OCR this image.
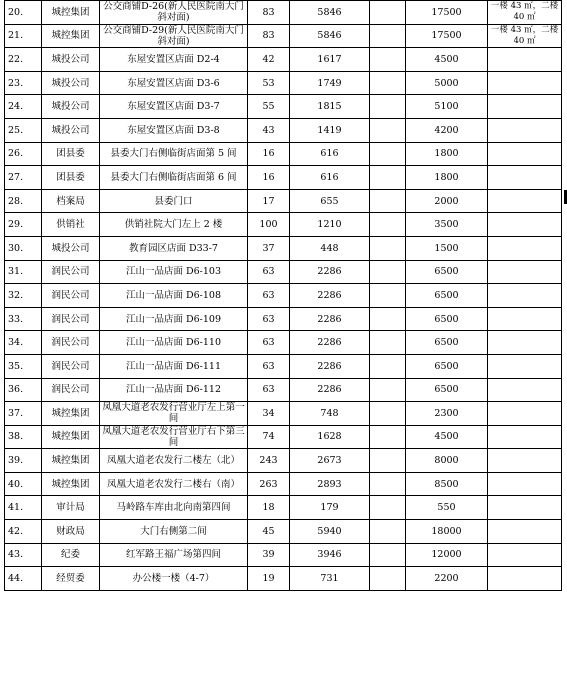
20.	城控集团	公交商铺D-26(新人民医院南大门斜对面)	83	5846		17500	一楼 43 ㎡，二楼 40 ㎡
21.	城控集团	公交商铺D-29(新人民医院南大门斜对面)	83	5846		17500	一楼 43 ㎡，二楼 40 ㎡
22.	城投公司	东屋安置区店面 D2-4	42	1617		4500	
23.	城投公司	东屋安置区店面 D3-6	53	1749		5000	
24.	城投公司	东屋安置区店面 D3-7	55	1815		5100	
25.	城投公司	东屋安置区店面 D3-8	43	1419		4200	
26.	团县委	县委大门右侧临街店面第 5 间	16	616		1800	
27.	团县委	县委大门右侧临街店面第 6 间	16	616		1800	
28.	档案局	县委门口	17	655		2000	
29.	供销社	供销社院大门左上 2 楼	100	1210		3500	
30.	城投公司	教育园区店面 D33-7	37	448		1500	
31.	润民公司	江山一品店面 D6-103	63	2286		6500	
32.	润民公司	江山一品店面 D6-108	63	2286		6500	
33.	润民公司	江山一品店面 D6-109	63	2286		6500	
34.	润民公司	江山一品店面 D6-110	63	2286		6500	
35.	润民公司	江山一品店面 D6-111	63	2286		6500	
36.	润民公司	江山一品店面 D6-112	63	2286		6500	
37.	城控集团	凤凰大道老农发行营业厅左上第一间	34	748		2300	
38.	城控集团	凤凰大道老农发行营业厅右下第三间	74	1628		4500	
39.	城控集团	凤凰大道老农发行二楼左（北）	243	2673		8000	
40.	城控集团	凤凰大道老农发行二楼右（南）	263	2893		8500	
41.	审计局	马岭路车库由北向南第四间	18	179		550	
42.	财政局	大门右侧第二间	45	5940		18000	
43.	纪委	红军路王福广场第四间	39	3946		12000	
44.	经贸委	办公楼一楼（4-7）	19	731		2200	
